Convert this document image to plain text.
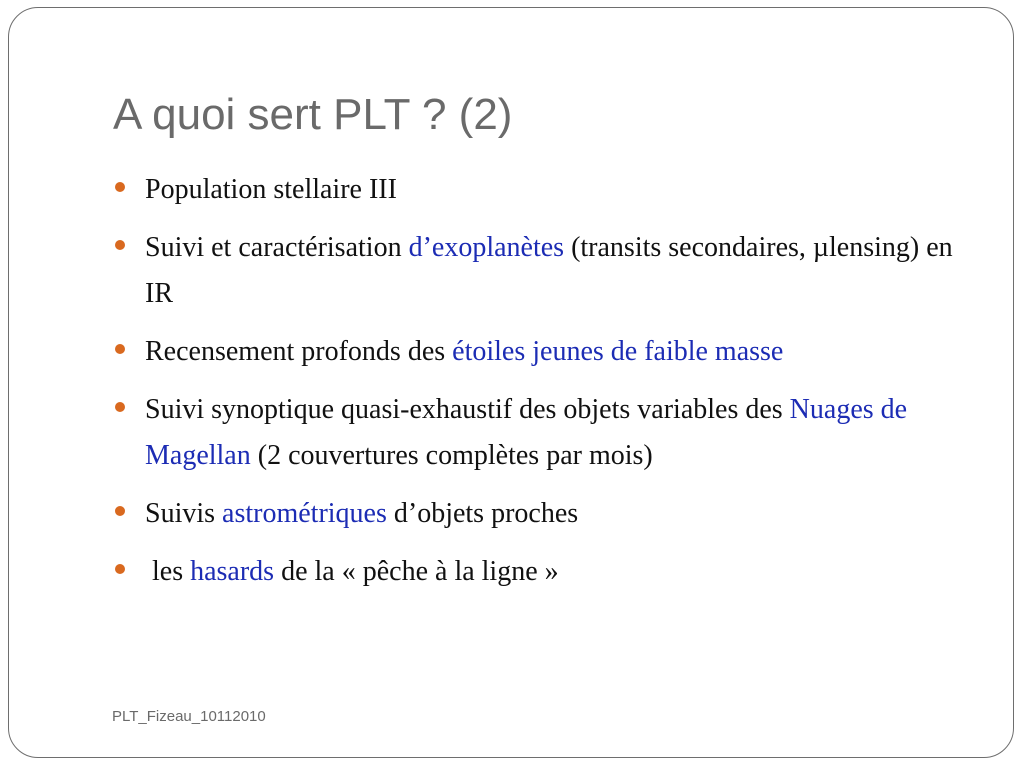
A quoi sert PLT ? (2)
Population stellaire III
Suivi et caractérisation d’exoplanètes (transits secondaires, µlensing) en IR
Recensement profonds des étoiles jeunes de faible masse
Suivi synoptique quasi-exhaustif des objets variables des Nuages de Magellan (2 couvertures complètes par mois)
Suivis astrométriques d’objets proches
les hasards de la « pêche à la ligne »
PLT_Fizeau_10112010
